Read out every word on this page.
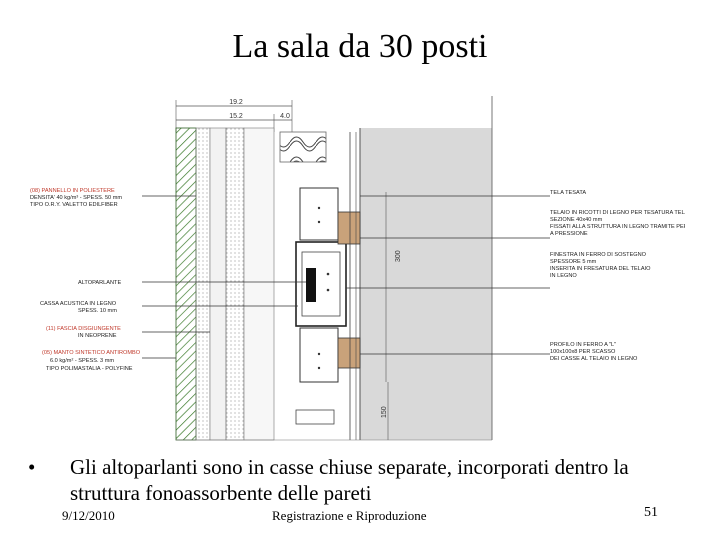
La sala da 30 posti
19.2
15.2	4.0
300
150
(08) PANNELLO IN POLIESTERE
DENSITA' 40 kg/m³ - SPESS. 50 mm
TIPO O.R.Y. VALETTO EDILFIBER
ALTOPARLANTE
CASSA ACUSTICA IN LEGNO
SPESS. 10 mm
(11) FASCIA DISGIUNGENTE
IN NEOPRENE
(05) MANTO SINTETICO ANTIROMBO
6.0 kg/m² - SPESS. 3 mm
TIPO POLIMASTALIA - POLYFINE
TELA TESATA
TELAIO IN RICOTTI DI LEGNO PER TESATURA TELA
SEZIONE 40x40 mm
FISSATI ALLA STRUTTURA IN LEGNO TRAMITE PERNO
A PRESSIONE
FINESTRA IN FERRO DI SOSTEGNO
SPESSORE 5 mm
INSERITA IN FRESATURA DEL TELAIO
IN LEGNO
PROFILO IN FERRO A "L"
100x100x8 PER SCASSO
DEI CASSE AL TELAIO IN LEGNO
•	Gli altoparlanti sono in casse chiuse separate, incorporati dentro la struttura fonoassorbente delle pareti
9/12/2010	Registrazione e Riproduzione	51
